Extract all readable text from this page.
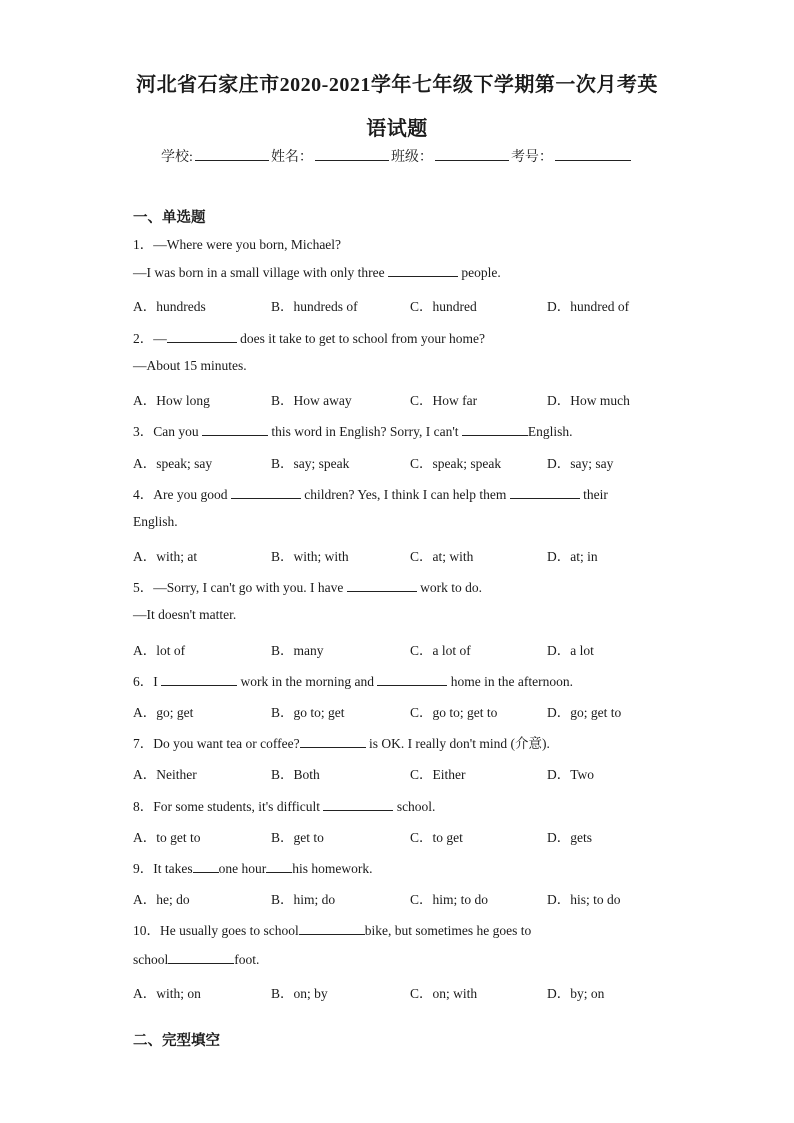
河北省石家庄市2020-2021学年七年级下学期第一次月考英
语试题
学校:	姓名：	班级：	考号：
一、单选题
1．—Where were you born, Michael?
—I was born in a small village with only three	people.
A．hundreds	B．hundreds of	C．hundred	D．hundred of
2．—	does it take to get to school from your home?
—About 15 minutes.
A．How long	B．How away	C．How far	D．How much
3．Can you	this word in English? Sorry, I can't	English.
A．speak; say	B．say; speak	C．speak; speak	D．say; say
4．Are you good	children? Yes, I think I can help them	their
English.
A．with; at	B．with; with	C．at; with	D．at; in
5．—Sorry, I can't go with you. I have	work to do.
—It doesn't matter.
A．lot of	B．many	C．a lot of	D．a lot
6．I	work in the morning and	home in the afternoon.
A．go; get	B．go to; get	C．go to; get to	D．go; get to
7．Do you want tea or coffee?	is OK. I really don't mind (介意).
A．Neither	B．Both	C．Either	D．Two
8．For some students, it's difficult	school.
A．to get to	B．get to	C．to get	D．gets
9．It takes one hour his homework.
A．he; do	B．him; do	C．him; to do	D．his; to do
10．He usually goes to school	bike, but sometimes he goes to
school	foot.
A．with; on	B．on; by	C．on; with	D．by; on
二、完型填空
